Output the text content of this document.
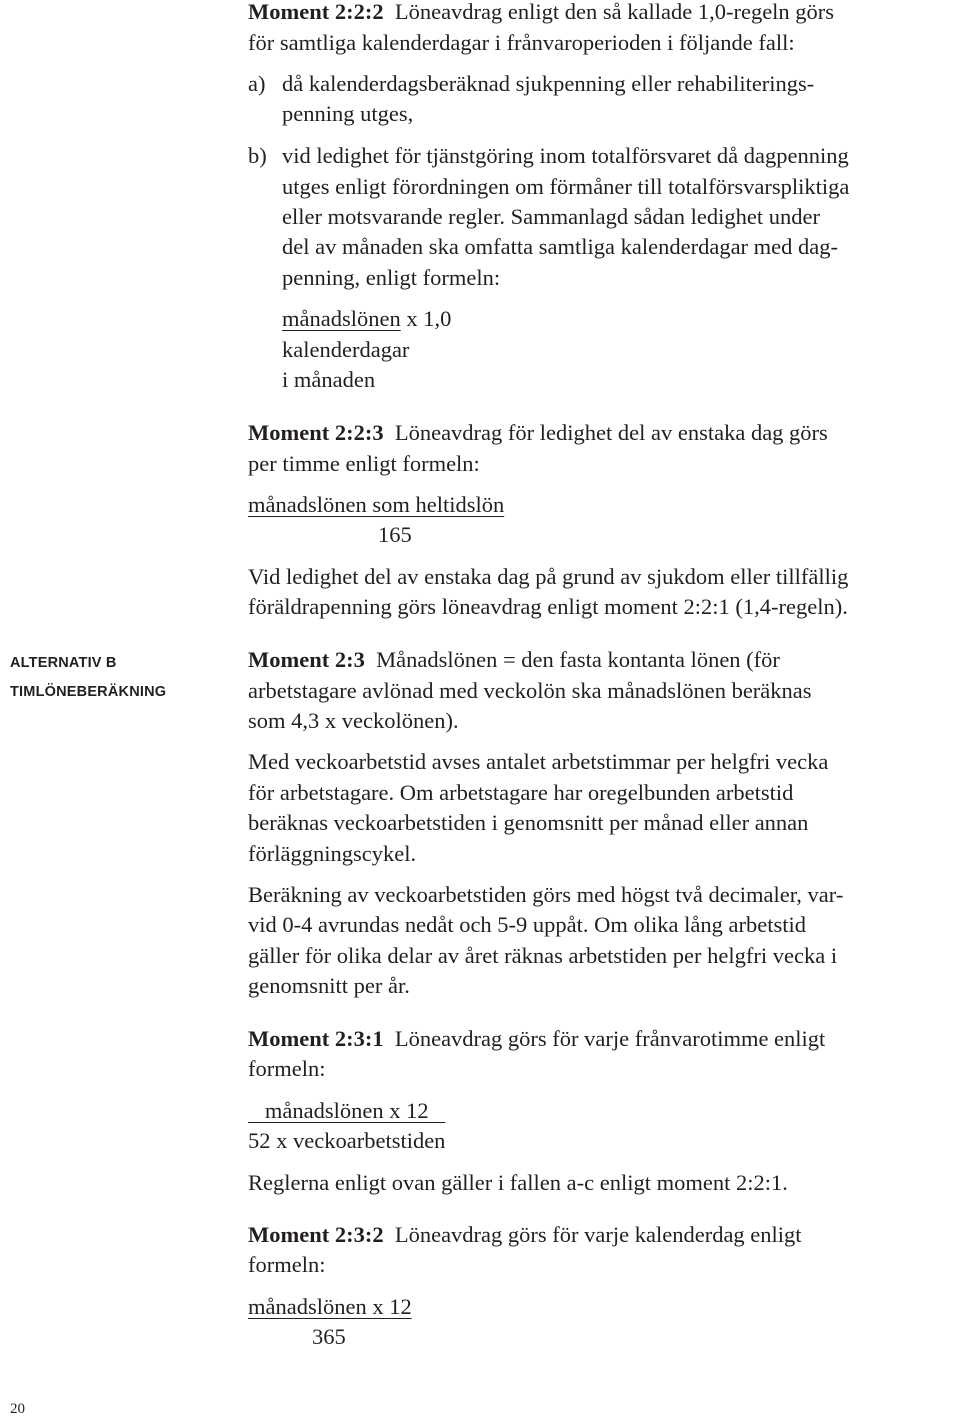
ALTERNATIV B
TIMLÖNEBERÄKNING
Moment 2:2:2 Löneavdrag enligt den så kallade 1,0-regeln görs
för samtliga kalenderdagar i frånvaroperioden i följande fall:
a) då kalenderdagsberäknad sjukpenning eller rehabiliterings-
penning utges,
b) vid ledighet för tjänstgöring inom totalförsvaret då dagpenning
utges enligt förordningen om förmåner till totalförsvarspliktiga
eller motsvarande regler. Sammanlagd sådan ledighet under
del av månaden ska omfatta samtliga kalenderdagar med dag-
penning, enligt formeln:
månadslönen x 1,0
kalenderdagar
i månaden
Moment 2:2:3 Löneavdrag för ledighet del av enstaka dag görs
per timme enligt formeln:
månadslönen som heltidslön
165
Vid ledighet del av enstaka dag på grund av sjukdom eller tillfällig
föräldrapenning görs löneavdrag enligt moment 2:2:1 (1,4-regeln).
Moment 2:3 Månadslönen = den fasta kontanta lönen (för
arbetstagare avlönad med veckolön ska månadslönen beräknas
som 4,3 x veckolönen).
Med veckoarbetstid avses antalet arbetstimmar per helgfri vecka
för arbetstagare. Om arbetstagare har oregelbunden arbetstid
beräknas veckoarbetstiden i genomsnitt per månad eller annan
förläggningscykel.
Beräkning av veckoarbetstiden görs med högst två decimaler, var-
vid 0-4 avrundas nedåt och 5-9 uppåt. Om olika lång arbetstid
gäller för olika delar av året räknas arbetstiden per helgfri vecka i
genomsnitt per år.
Moment 2:3:1 Löneavdrag görs för varje frånvarotimme enligt
formeln:
månadslönen x 12
52 x veckoarbetstiden
Reglerna enligt ovan gäller i fallen a-c enligt moment 2:2:1.
Moment 2:3:2 Löneavdrag görs för varje kalenderdag enligt
formeln:
månadslönen x 12
365
20
